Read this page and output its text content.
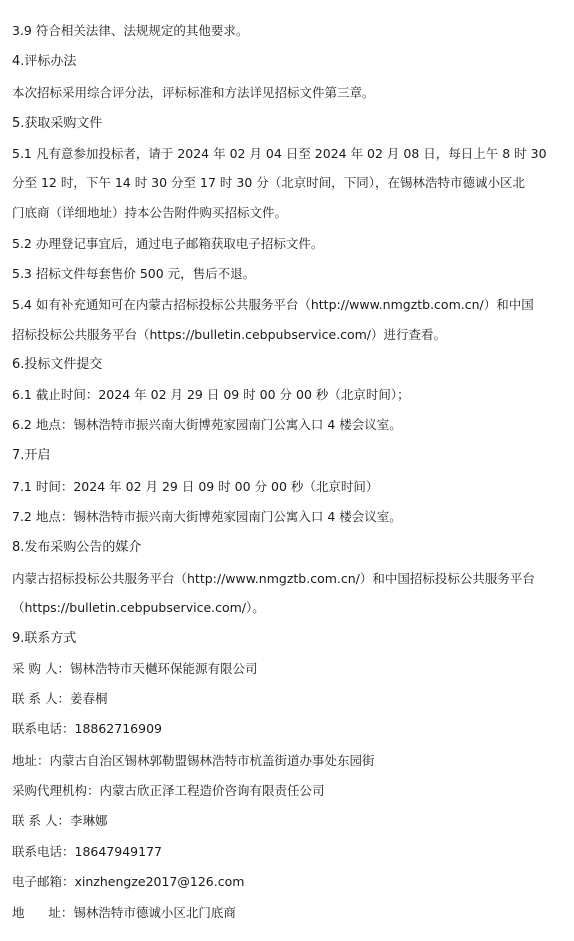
3.9 符合相关法律、法规规定的其他要求。
4.评标办法
本次招标采用综合评分法，评标标准和方法详见招标文件第三章。
5.获取采购文件
5.1 凡有意参加投标者，请于 2024 年 02 月 04 日至 2024 年 02 月 08 日，每日上午 8 时 30
分至 12 时，下午 14 时 30 分至 17 时 30 分（北京时间，下同），在锡林浩特市德诚小区北
门底商（详细地址）持本公告附件购买招标文件。
5.2 办理登记事宜后，通过电子邮箱获取电子招标文件。
5.3 招标文件每套售价 500 元，售后不退。
5.4 如有补充通知可在内蒙古招标投标公共服务平台（http://www.nmgztb.com.cn/）和中国
招标投标公共服务平台（https://bulletin.cebpubservice.com/）进行查看。
6.投标文件提交
6.1 截止时间：2024 年 02 月 29 日 09 时 00 分 00 秒（北京时间）；
6.2 地点：锡林浩特市振兴南大街博苑家园南门公寓入口 4 楼会议室。
7.开启
7.1 时间：2024 年 02 月 29 日 09 时 00 分 00 秒（北京时间）
7.2 地点：锡林浩特市振兴南大街博苑家园南门公寓入口 4 楼会议室。
8.发布采购公告的媒介
内蒙古招标投标公共服务平台（http://www.nmgztb.com.cn/）和中国招标投标公共服务平台
（https://bulletin.cebpubservice.com/）。
9.联系方式
采 购 人：锡林浩特市天樾环保能源有限公司
联 系 人：姜春桐
联系电话：18862716909
地址：内蒙古自治区锡林郭勒盟锡林浩特市杭盖街道办事处东园街
采购代理机构：内蒙古欣正泽工程造价咨询有限责任公司
联 系 人：李琳娜
联系电话：18647949177
电子邮箱：xinzhengze2017@126.com
地      址：锡林浩特市德诚小区北门底商
